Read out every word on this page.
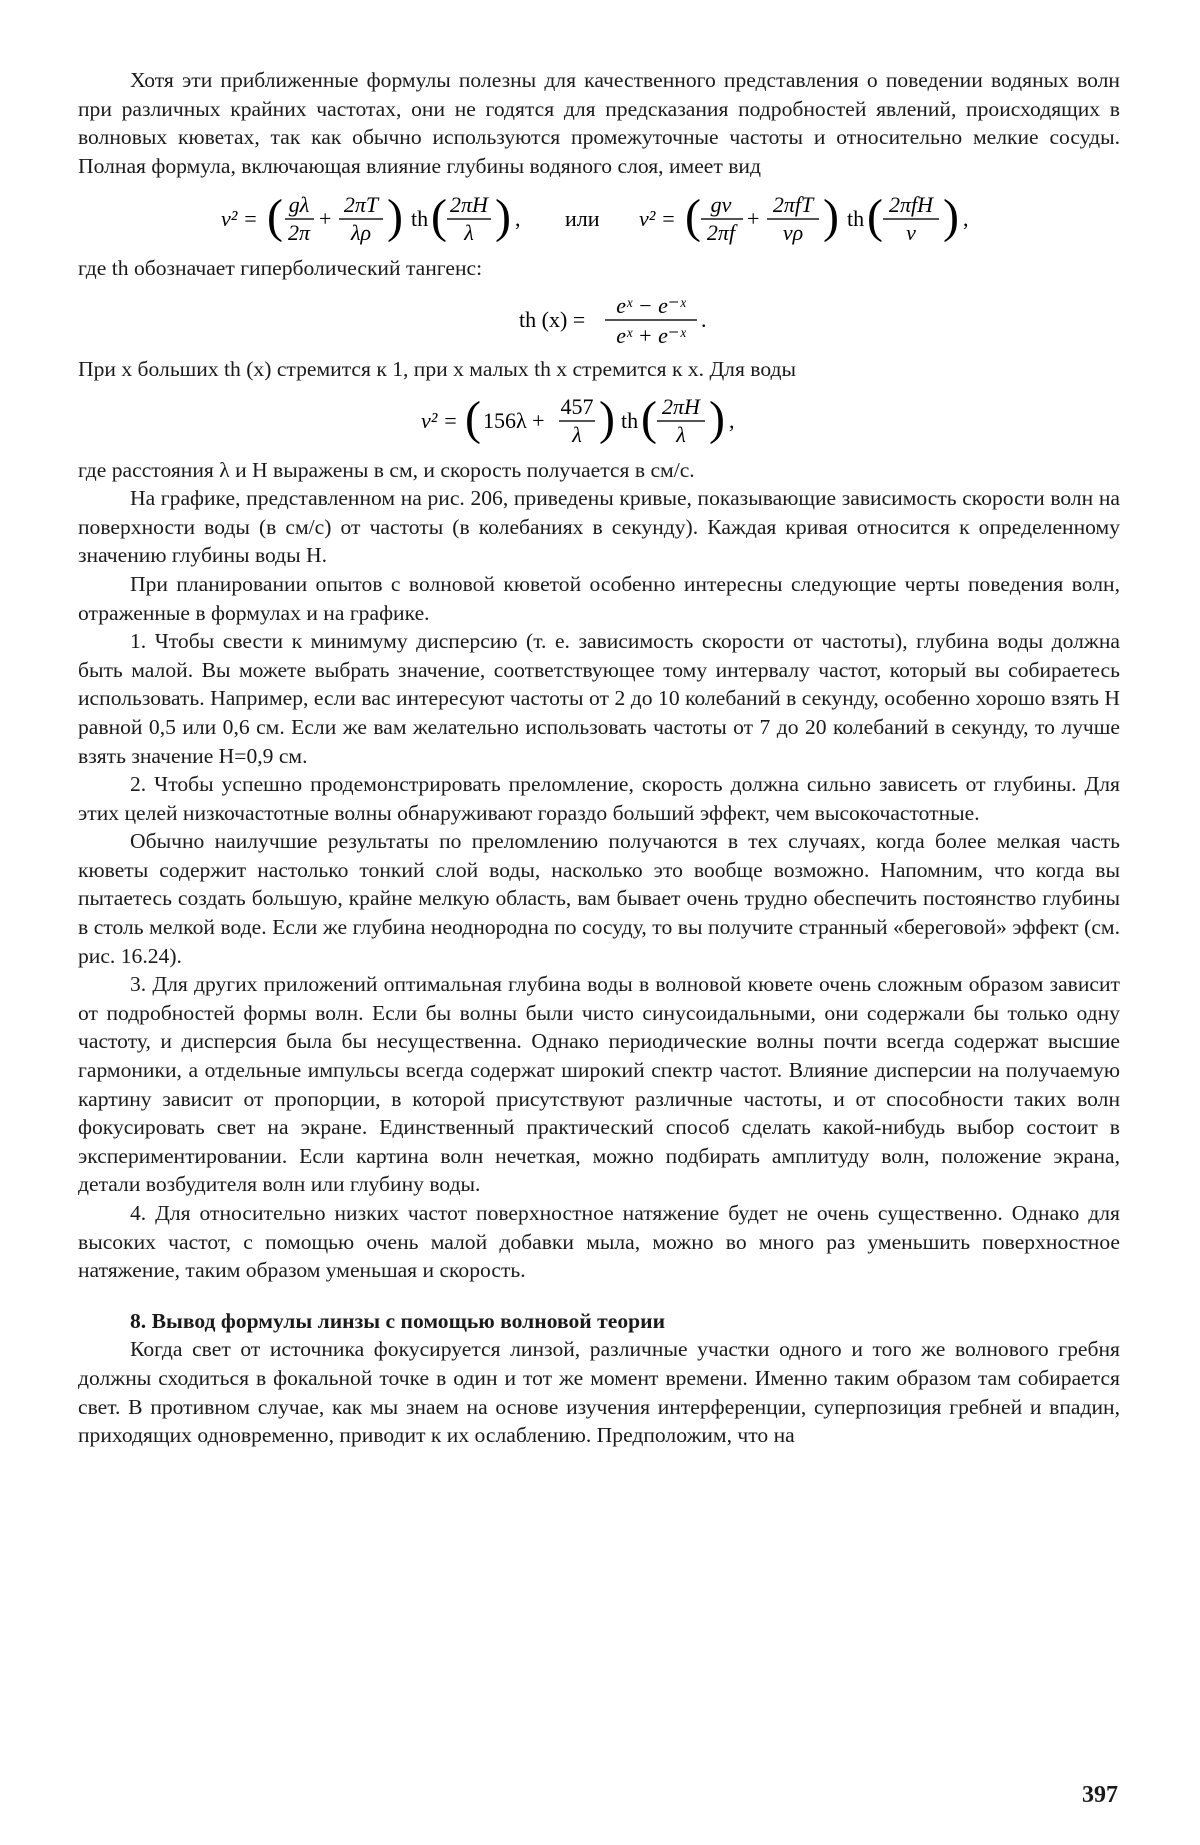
Хотя эти приближенные формулы полезны для качественного представления о поведении водяных волн при различных крайних частотах, они не годятся для предсказания подробностей явлений, происходящих в волновых кюветах, так как обычно используются промежуточные частоты и относительно мелкие сосуды. Полная формула, включающая влияние глубины водяного слоя, имеет вид

v² = ( gλ
2π
+
2πT
λρ ) th ( 2πH
λ ) , или v² = ( gv
2πf
+
2πfT
vρ ) th ( 2πfH
v ) ,

где th обозначает гиперболический тангенс:

th (x) =
eˣ − e⁻ˣ
eˣ + e⁻ˣ
.

При x больших th (x) стремится к 1, при x малых th x стремится к x. Для воды

v² = ( 156λ +
457
λ ) th ( 2πH
λ ) ,

где расстояния λ и H выражены в см, и скорость получается в см/с.

На графике, представленном на рис. 206, приведены кривые, показывающие зависимость скорости волн на поверхности воды (в см/с) от частоты (в колебаниях в секунду). Каждая кривая относится к определенному значению глубины воды H.

При планировании опытов с волновой кюветой особенно интересны следующие черты поведения волн, отраженные в формулах и на графике.

1. Чтобы свести к минимуму дисперсию (т. е. зависимость скорости от частоты), глубина воды должна быть малой. Вы можете выбрать значение, соответствующее тому интервалу частот, который вы собираетесь использовать. Например, если вас интересуют частоты от 2 до 10 колебаний в секунду, особенно хорошо взять H равной 0,5 или 0,6 см. Если же вам желательно использовать частоты от 7 до 20 колебаний в секунду, то лучше взять значение H=0,9 см.

2. Чтобы успешно продемонстрировать преломление, скорость должна сильно зависеть от глубины. Для этих целей низкочастотные волны обнаруживают гораздо больший эффект, чем высокочастотные.

Обычно наилучшие результаты по преломлению получаются в тех случаях, когда более мелкая часть кюветы содержит настолько тонкий слой воды, насколько это вообще возможно. Напомним, что когда вы пытаетесь создать большую, крайне мелкую область, вам бывает очень трудно обеспечить постоянство глубины в столь мелкой воде. Если же глубина неоднородна по сосуду, то вы получите странный «береговой» эффект (см. рис. 16.24).

3. Для других приложений оптимальная глубина воды в волновой кювете очень сложным образом зависит от подробностей формы волн. Если бы волны были чисто синусоидальными, они содержали бы только одну частоту, и дисперсия была бы несущественна. Однако периодические волны почти всегда содержат высшие гармоники, а отдельные импульсы всегда содержат широкий спектр частот. Влияние дисперсии на получаемую картину зависит от пропорции, в которой присутствуют различные частоты, и от способности таких волн фокусировать свет на экране. Единственный практический способ сделать какой-нибудь выбор состоит в экспериментировании. Если картина волн нечеткая, можно подбирать амплитуду волн, положение экрана, детали возбудителя волн или глубину воды.

4. Для относительно низких частот поверхностное натяжение будет не очень существенно. Однако для высоких частот, с помощью очень малой добавки мыла, можно во много раз уменьшить поверхностное натяжение, таким образом уменьшая и скорость.

8. Вывод формулы линзы с помощью волновой теории

Когда свет от источника фокусируется линзой, различные участки одного и того же волнового гребня должны сходиться в фокальной точке в один и тот же момент времени. Именно таким образом там собирается свет. В противном случае, как мы знаем на основе изучения интерференции, суперпозиция гребней и впадин, приходящих одновременно, приводит к их ослаблению. Предположим, что на

397
